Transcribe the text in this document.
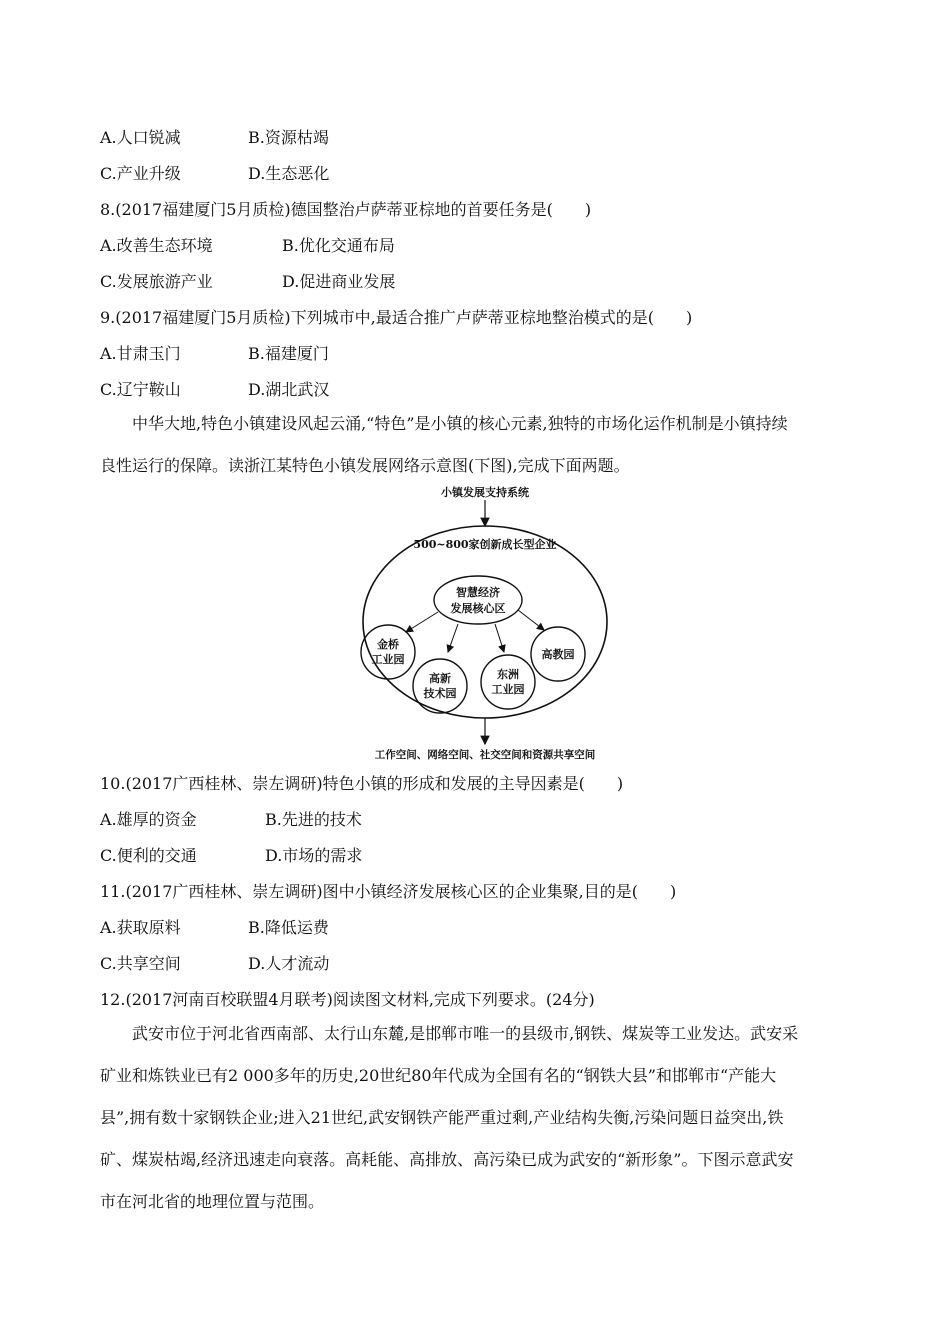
A.人口锐减	B.资源枯竭
C.产业升级	D.生态恶化
8.(2017福建厦门5月质检)德国整治卢萨蒂亚棕地的首要任务是(　　)
A.改善生态环境	B.优化交通布局
C.发展旅游产业	D.促进商业发展
9.(2017福建厦门5月质检)下列城市中,最适合推广卢萨蒂亚棕地整治模式的是(　　)
A.甘肃玉门	B.福建厦门
C.辽宁鞍山	D.湖北武汉
中华大地,特色小镇建设风起云涌,“特色”是小镇的核心元素,独特的市场化运作机制是小镇持续
良性运行的保障。读浙江某特色小镇发展网络示意图(下图),完成下面两题。
小镇发展支持系统
500~800家创新成长型企业
智慧经济
发展核心区
金桥
工业园
高新
技术园
东洲
工业园
高教园
工作空间、网络空间、社交空间和资源共享空间
10.(2017广西桂林、崇左调研)特色小镇的形成和发展的主导因素是(　　)
A.雄厚的资金	B.先进的技术
C.便利的交通	D.市场的需求
11.(2017广西桂林、崇左调研)图中小镇经济发展核心区的企业集聚,目的是(　　)
A.获取原料	B.降低运费
C.共享空间	D.人才流动
12.(2017河南百校联盟4月联考)阅读图文材料,完成下列要求。(24分)
武安市位于河北省西南部、太行山东麓,是邯郸市唯一的县级市,钢铁、煤炭等工业发达。武安采
矿业和炼铁业已有2 000多年的历史,20世纪80年代成为全国有名的“钢铁大县”和邯郸市“产能大
县”,拥有数十家钢铁企业;进入21世纪,武安钢铁产能严重过剩,产业结构失衡,污染问题日益突出,铁
矿、煤炭枯竭,经济迅速走向衰落。高耗能、高排放、高污染已成为武安的“新形象”。下图示意武安
市在河北省的地理位置与范围。
